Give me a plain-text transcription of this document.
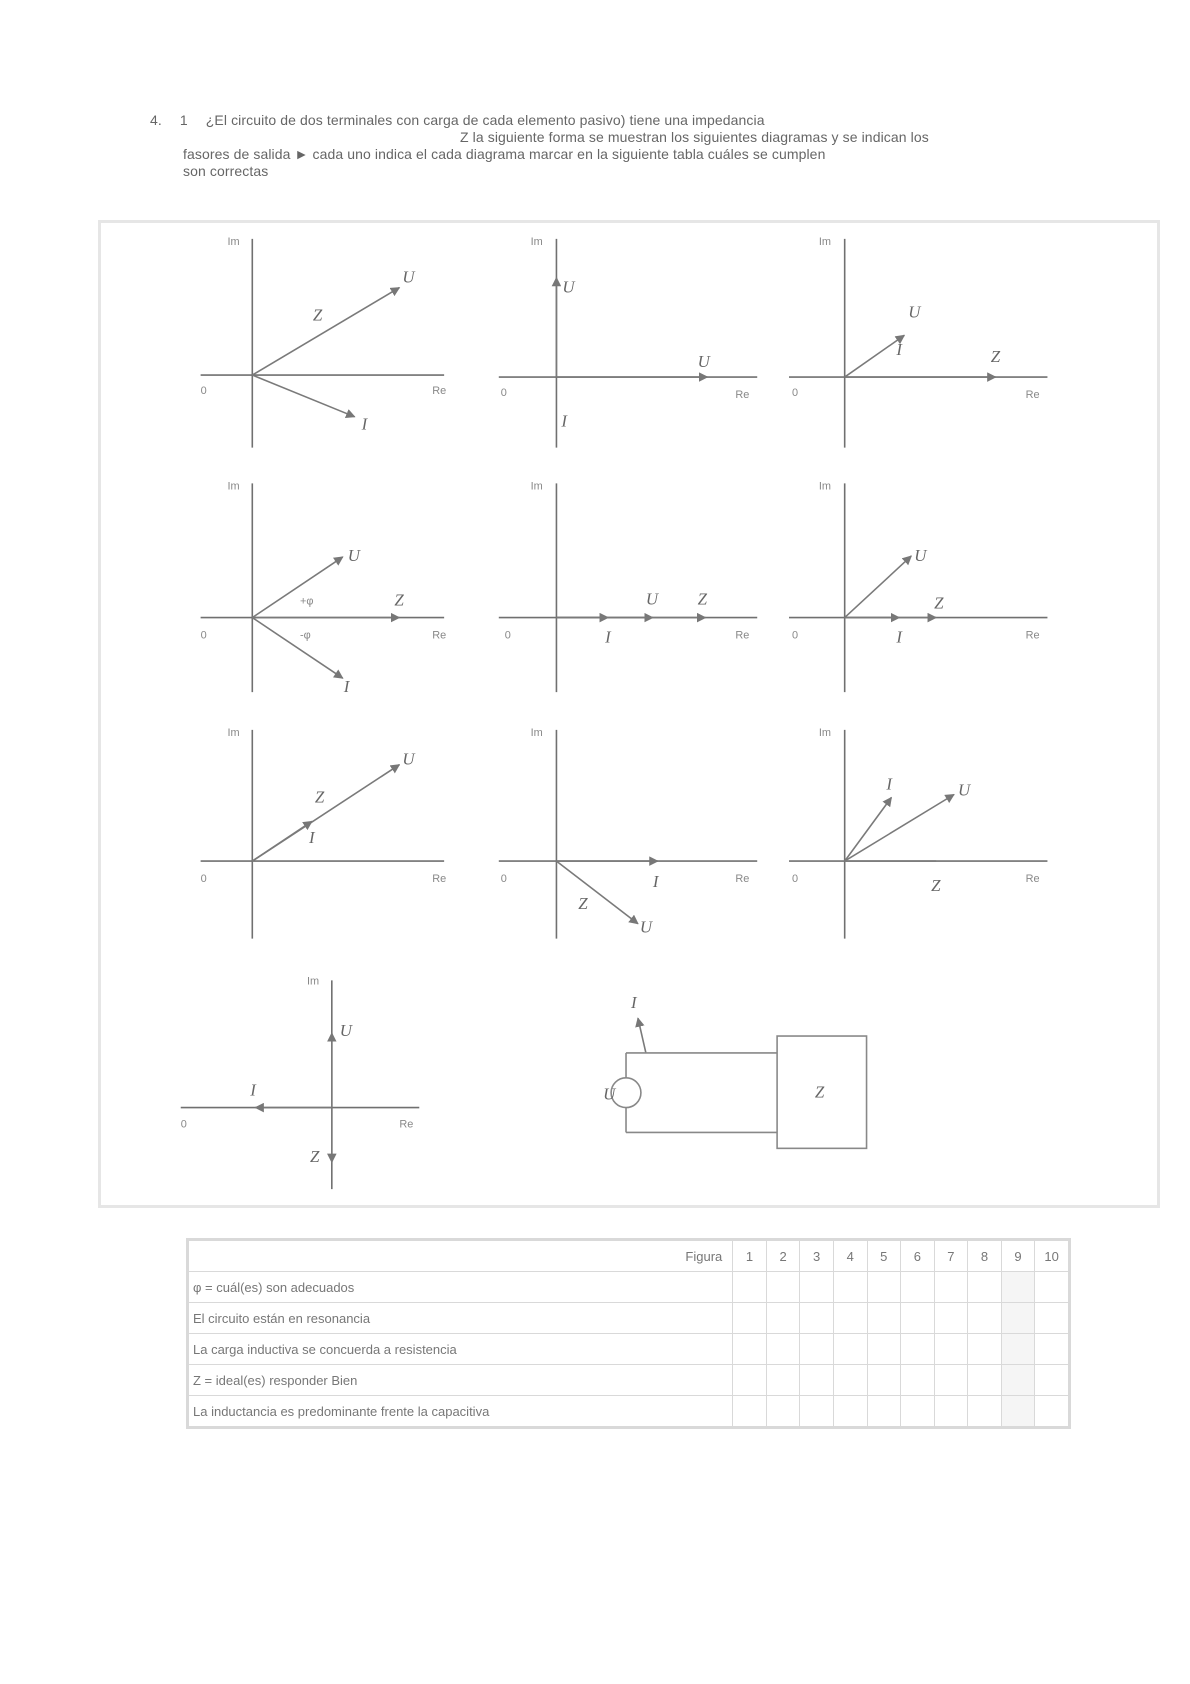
4. 1 ¿El circuito de dos terminales con carga de cada elemento pasivo) tiene una impedancia
Z la siguiente forma se muestran los siguientes diagramas y se indican los
fasores de salida ► cada uno indica el cada diagrama marcar en la siguiente tabla cuáles se cumplen
son correctas
Im
Re
0
U
Z
I
Im
Re
0
U
U
I
Im
Re
0
U
I	Z
Im
Re
0
U
Z
I
+φ
-φ
Im
Re
0	I
U Z
Im
Re
0
U
I
Z
Im
Re
0
U
Z
I
Im
Re
0	I
Z
U
Im
Re
0
I	U
Z
Im
Re
0
U
I
Z
I
U	Z
Figura	1	2	3	4	5	6	7	8	9	10
φ = cuál(es) son adecuados										
El circuito están en resonancia										
La carga inductiva se concuerda a resistencia										
Z = ideal(es) responder Bien										
La inductancia es predominante frente la capacitiva										
